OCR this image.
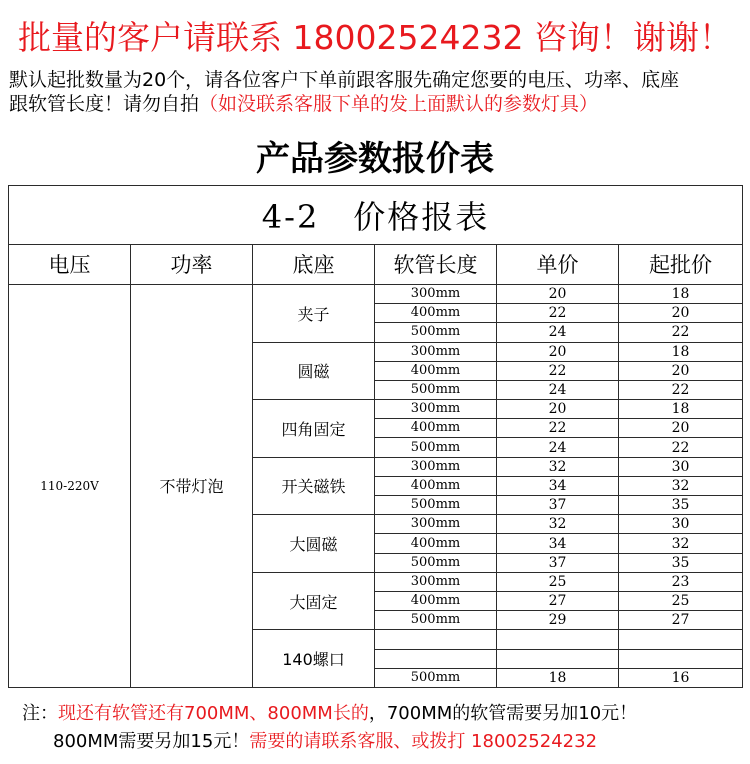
批量的客户请联系 18002524232 咨询！谢谢！
默认起批数量为20个，请各位客户下单前跟客服先确定您要的电压、功率、底座
跟软管长度！请勿自拍（如没联系客服下单的发上面默认的参数灯具）
产品参数报价表
4-2　价格报表					
电压	功率	底座	软管长度	单价	起批价
110-220V	不带灯泡	夹子	300mm	20	18
			400mm	22	20
			500mm	24	22
		圆磁	300mm	20	18
			400mm	22	20
			500mm	24	22
		四角固定	300mm	20	18
			400mm	22	20
			500mm	24	22
		开关磁铁	300mm	32	30
			400mm	34	32
			500mm	37	35
		大圆磁	300mm	32	30
			400mm	34	32
			500mm	37	35
		大固定	300mm	25	23
			400mm	27	25
			500mm	29	27
		140螺口			

			500mm	18	16
注：现还有软管还有700MM、800MM长的，700MM的软管需要另加10元！
800MM需要另加15元！需要的请联系客服、或拨打 18002524232
